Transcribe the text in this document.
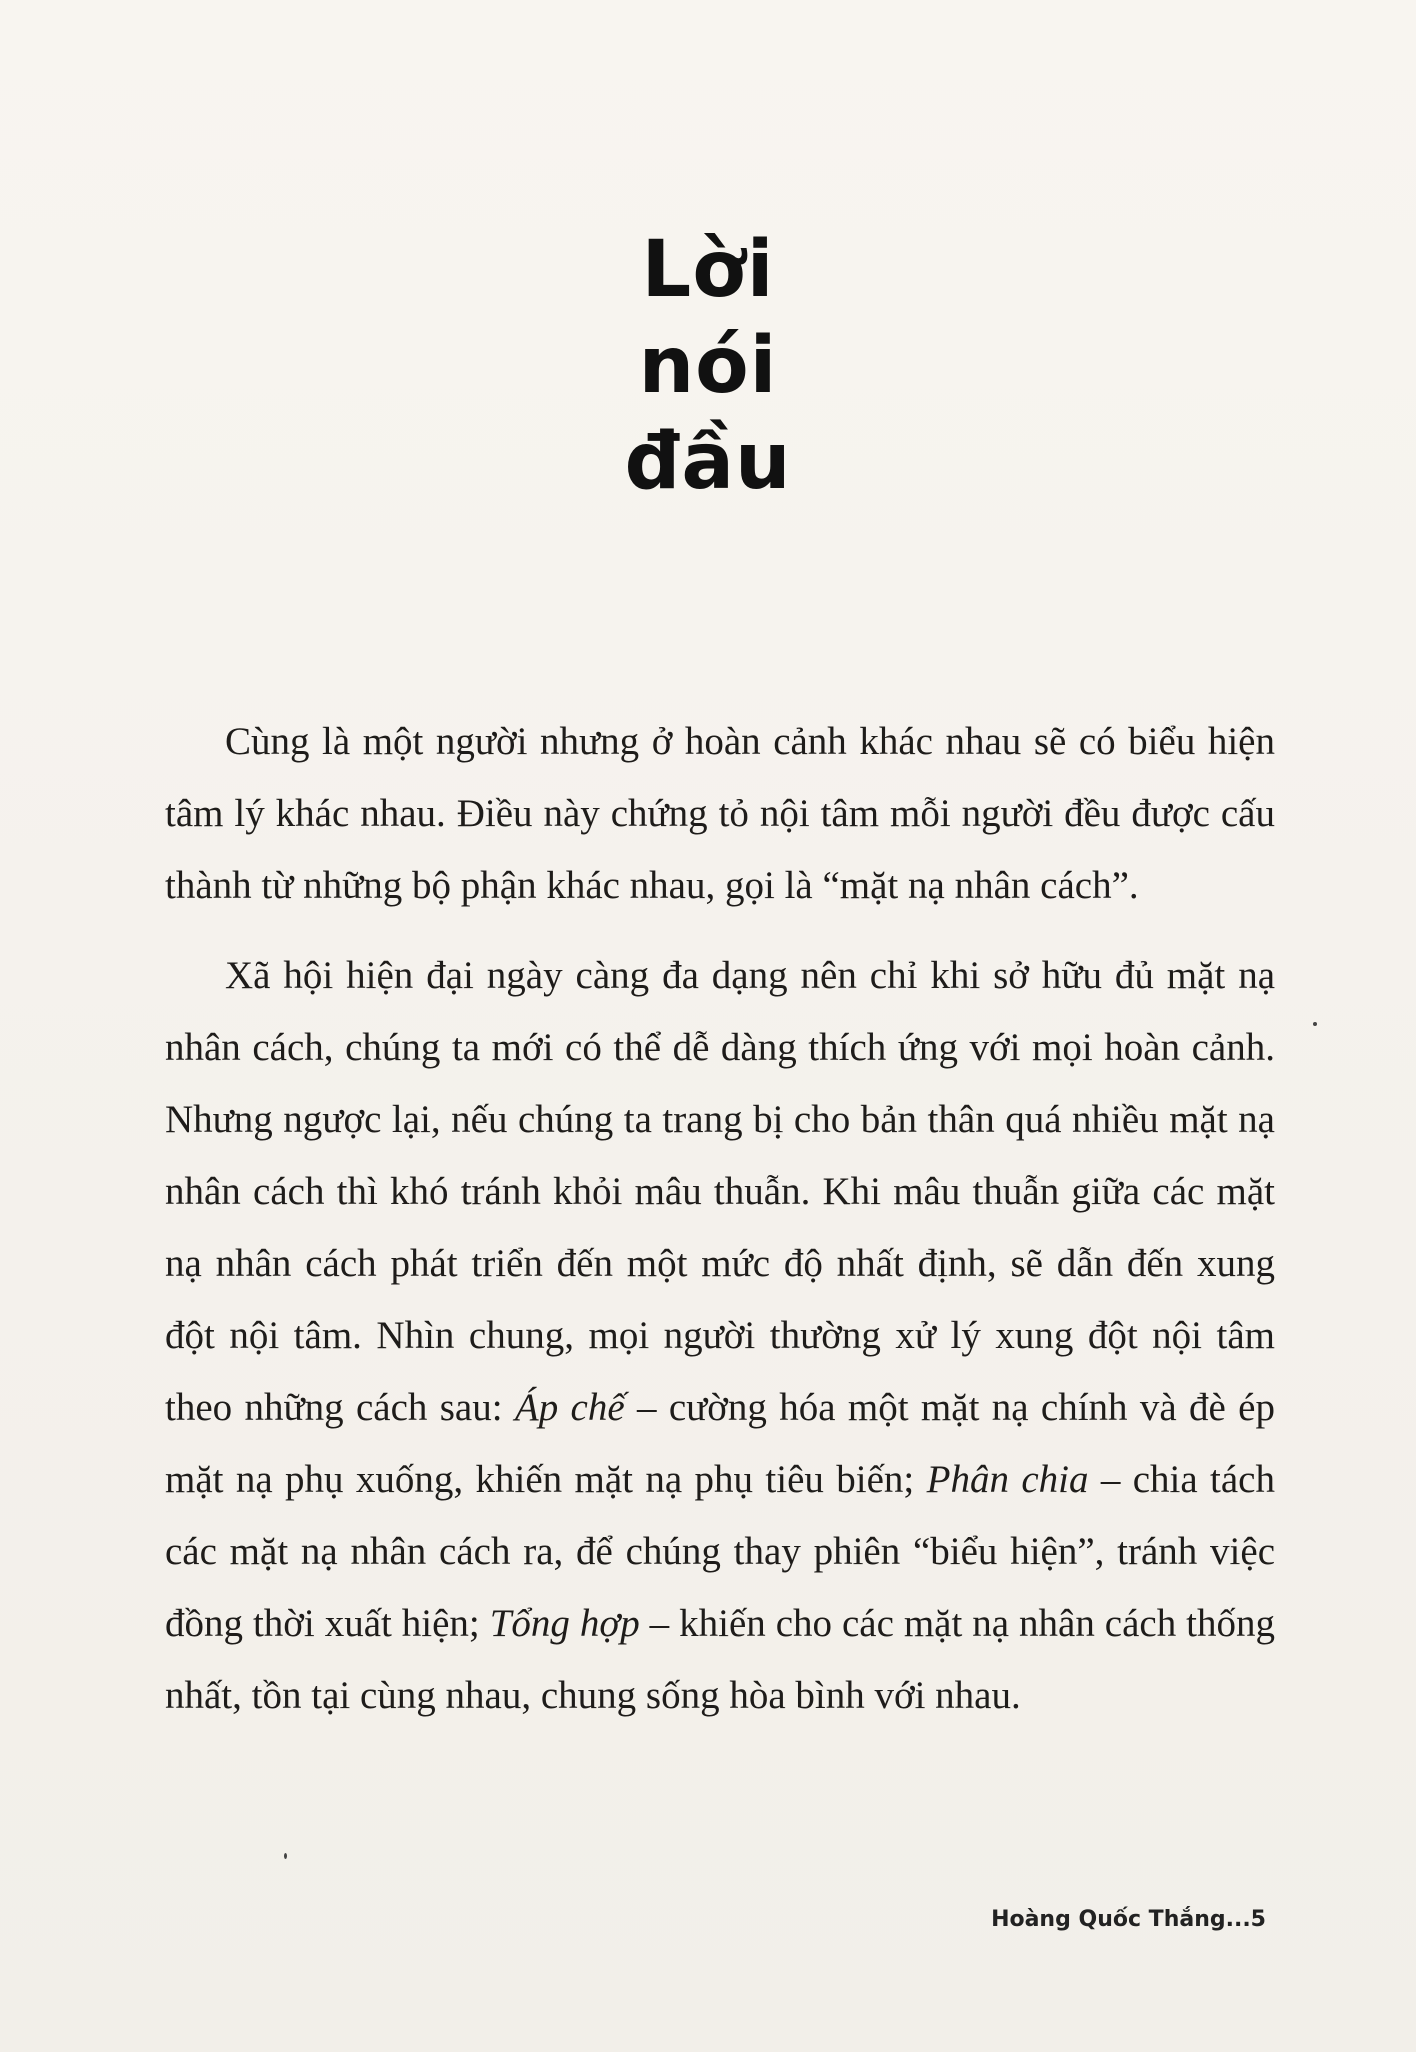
Lời
nói
đầu

Cùng là một người nhưng ở hoàn cảnh khác nhau sẽ có biểu hiện tâm lý khác nhau. Điều này chứng tỏ nội tâm mỗi người đều được cấu thành từ những bộ phận khác nhau, gọi là “mặt nạ nhân cách”.

Xã hội hiện đại ngày càng đa dạng nên chỉ khi sở hữu đủ mặt nạ nhân cách, chúng ta mới có thể dễ dàng thích ứng với mọi hoàn cảnh. Nhưng ngược lại, nếu chúng ta trang bị cho bản thân quá nhiều mặt nạ nhân cách thì khó tránh khỏi mâu thuẫn. Khi mâu thuẫn giữa các mặt nạ nhân cách phát triển đến một mức độ nhất định, sẽ dẫn đến xung đột nội tâm. Nhìn chung, mọi người thường xử lý xung đột nội tâm theo những cách sau: Áp chế – cường hóa một mặt nạ chính và đè ép mặt nạ phụ xuống, khiến mặt nạ phụ tiêu biến; Phân chia – chia tách các mặt nạ nhân cách ra, để chúng thay phiên “biểu hiện”, tránh việc đồng thời xuất hiện; Tổng hợp – khiến cho các mặt nạ nhân cách thống nhất, tồn tại cùng nhau, chung sống hòa bình với nhau.

Hoàng Quốc Thắng...5
